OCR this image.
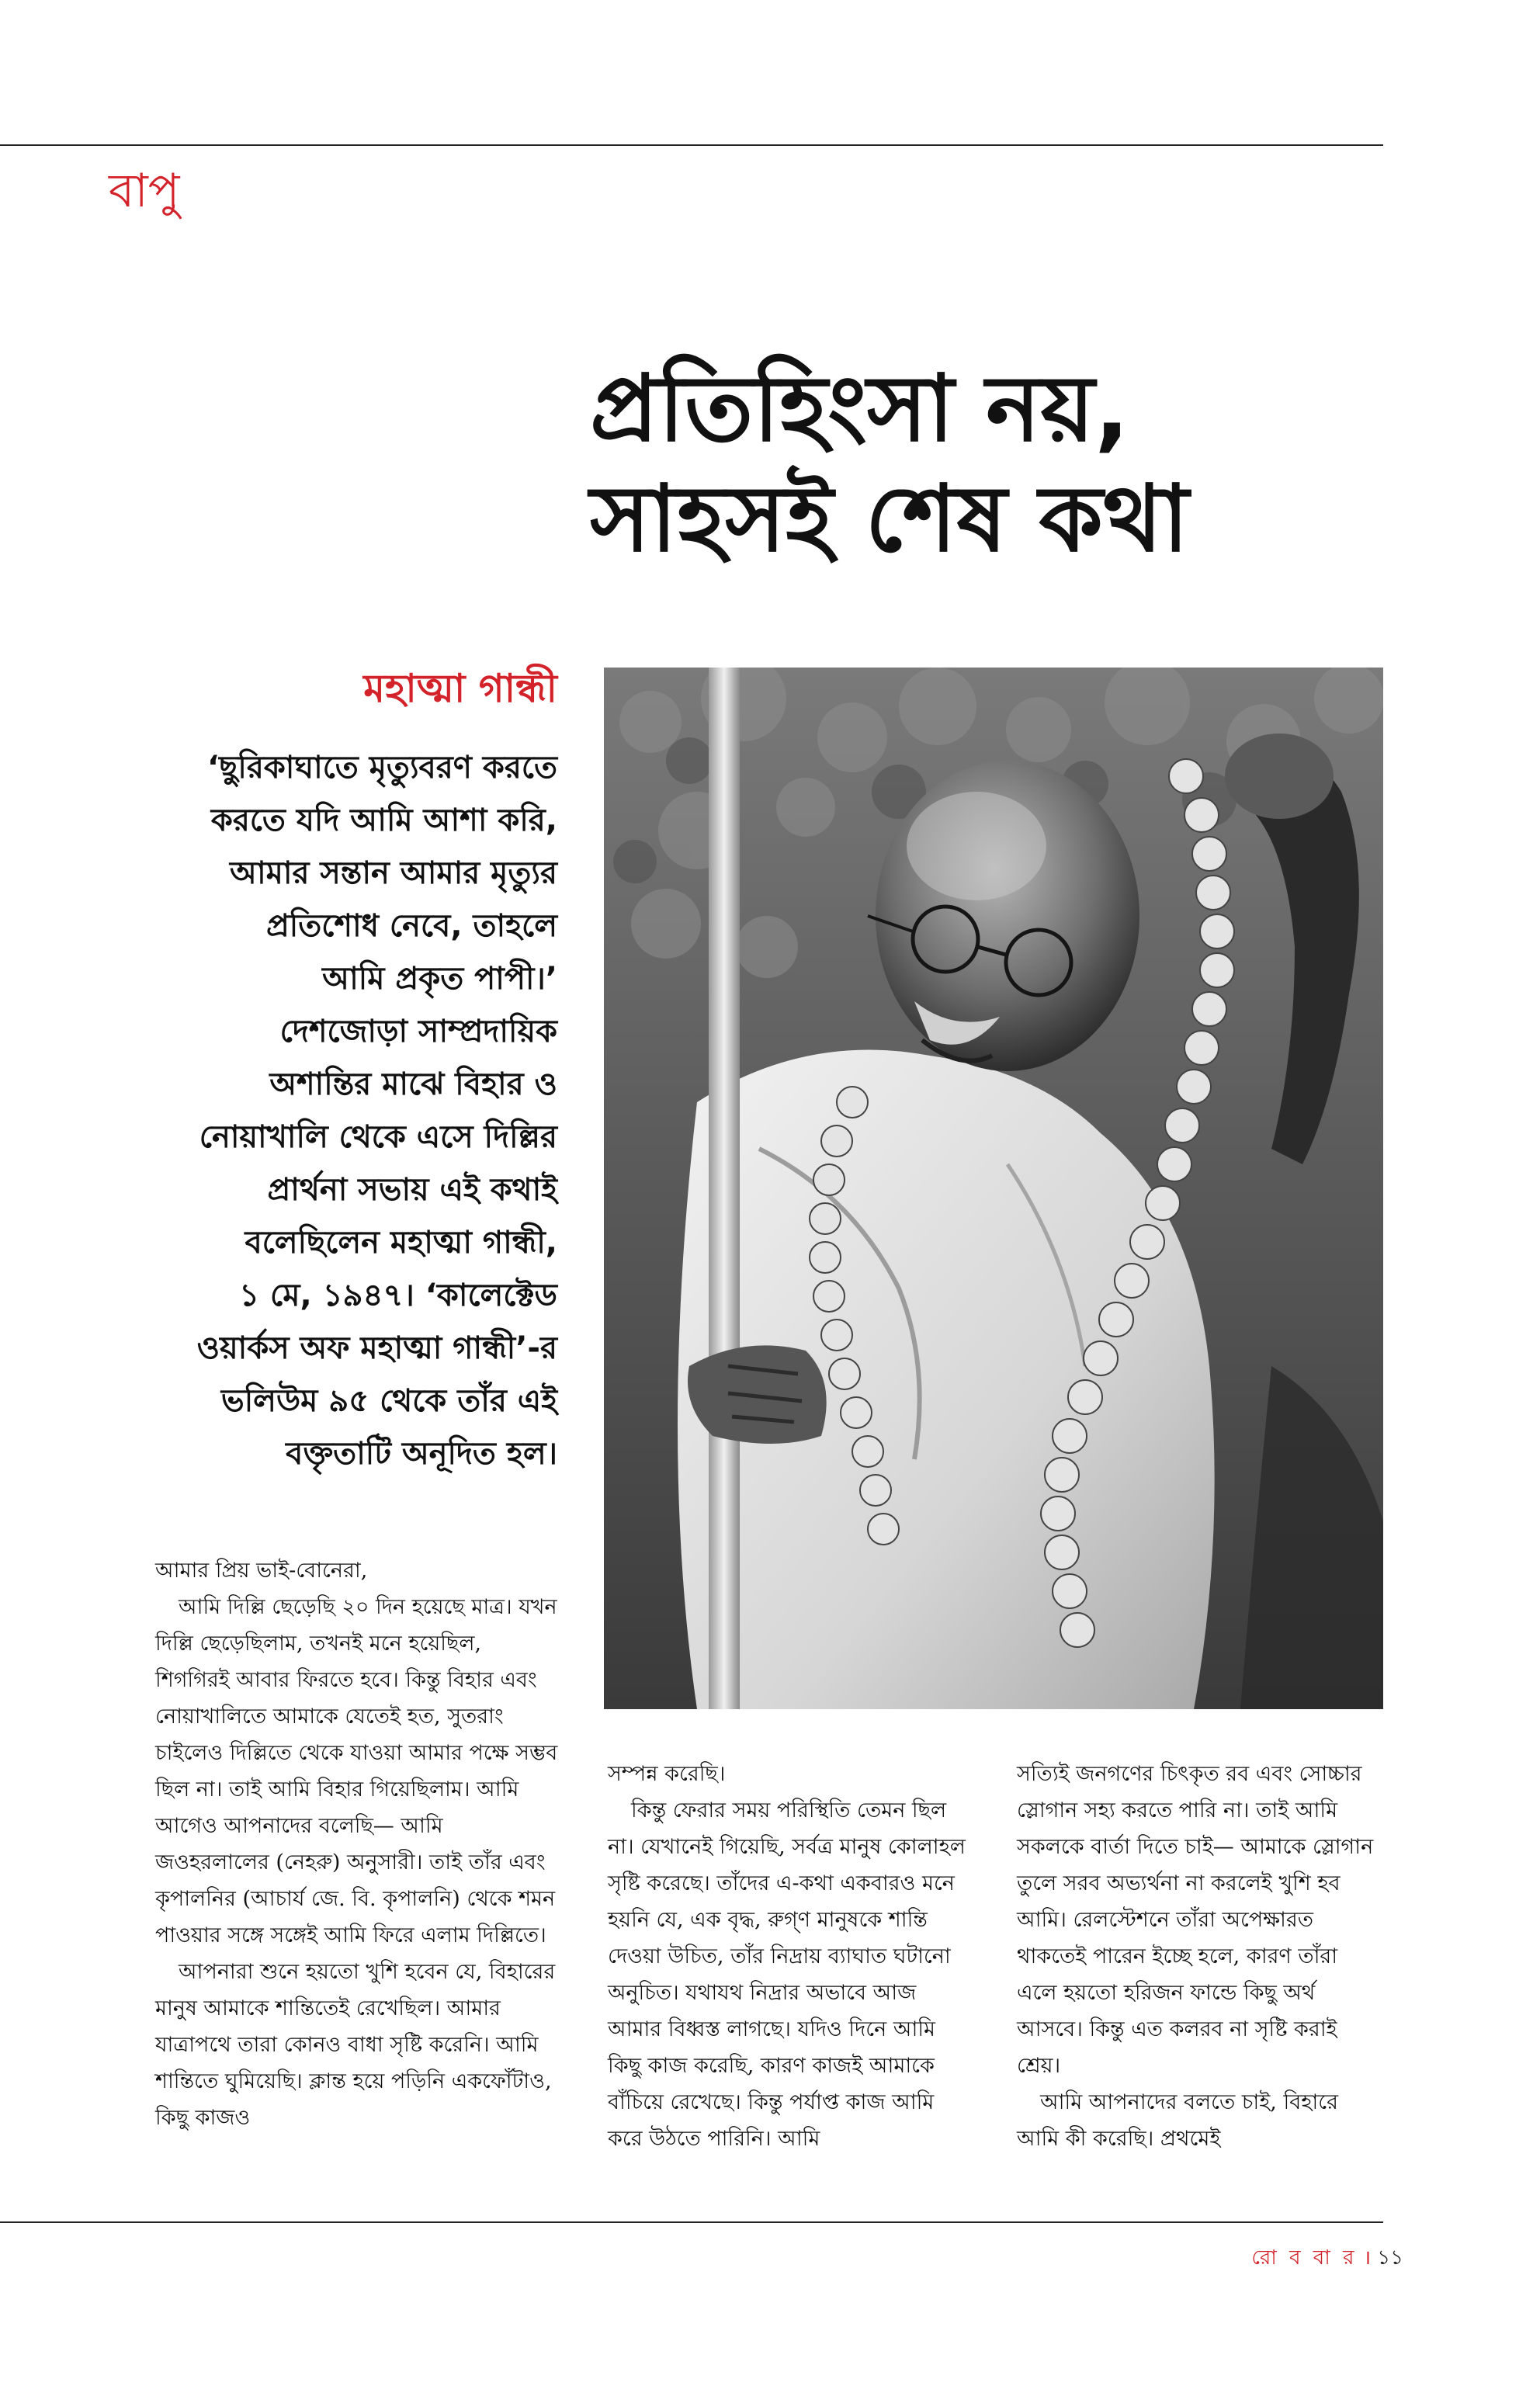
বাপু
প্রতিহিংসা নয়,
সাহসই শেষ কথা
মহাত্মা গান্ধী
‘ছুরিকাঘাতে মৃত্যুবরণ করতে
করতে যদি আমি আশা করি,
আমার সন্তান আমার মৃত্যুর
প্রতিশোধ নেবে, তাহলে
আমি প্রকৃত পাপী।’
দেশজোড়া সাম্প্রদায়িক
অশান্তির মাঝে বিহার ও
নোয়াখালি থেকে এসে দিল্লির
প্রার্থনা সভায় এই কথাই
বলেছিলেন মহাত্মা গান্ধী,
১ মে, ১৯৪৭। ‘কালেক্টেড
ওয়ার্কস অফ মহাত্মা গান্ধী’-র
ভলিউম ৯৫ থেকে তাঁর এই
বক্তৃতাটি অনূদিত হল।

আমার প্রিয় ভাই-বোনেরা,

আমি দিল্লি ছেড়েছি ২০ দিন হয়েছে মাত্র। যখন দিল্লি ছেড়েছিলাম, তখনই মনে হয়েছিল, শিগগিরই আবার ফিরতে হবে। কিন্তু বিহার এবং নোয়াখালিতে আমাকে যেতেই হত, সুতরাং চাইলেও দিল্লিতে থেকে যাওয়া আমার পক্ষে সম্ভব ছিল না। তাই আমি বিহার গিয়েছিলাম। আমি আগেও আপনাদের বলেছি— আমি জওহরলালের (নেহরু) অনুসারী। তাই তাঁর এবং কৃপালনির (আচার্য জে. বি. কৃপালনি) থেকে শমন পাওয়ার সঙ্গে সঙ্গেই আমি ফিরে এলাম দিল্লিতে।

আপনারা শুনে হয়তো খুশি হবেন যে, বিহারের মানুষ আমাকে শান্তিতেই রেখেছিল। আমার যাত্রাপথে তারা কোনও বাধা সৃষ্টি করেনি। আমি শান্তিতে ঘুমিয়েছি। ক্লান্ত হয়ে পড়িনি একফোঁটাও, কিছু কাজও

সম্পন্ন করেছি।

কিন্তু ফেরার সময় পরিস্থিতি তেমন ছিল না। যেখানেই গিয়েছি, সর্বত্র মানুষ কোলাহল সৃষ্টি করেছে। তাঁদের এ-কথা একবারও মনে হয়নি যে, এক বৃদ্ধ, রুগ্‌ণ মানুষকে শান্তি দেওয়া উচিত, তাঁর নিদ্রায় ব্যাঘাত ঘটানো অনুচিত। যথাযথ নিদ্রার অভাবে আজ আমার বিধ্বস্ত লাগছে। যদিও দিনে আমি কিছু কাজ করেছি, কারণ কাজই আমাকে বাঁচিয়ে রেখেছে। কিন্তু পর্যাপ্ত কাজ আমি করে উঠতে পারিনি। আমি

সত্যিই জনগণের চিৎকৃত রব এবং সোচ্চার স্লোগান সহ্য করতে পারি না। তাই আমি সকলকে বার্তা দিতে চাই— আমাকে স্লোগান তুলে সরব অভ্যর্থনা না করলেই খুশি হব আমি। রেলস্টেশনে তাঁরা অপেক্ষারত থাকতেই পারেন ইচ্ছে হলে, কারণ তাঁরা এলে হয়তো হরিজন ফান্ডে কিছু অর্থ আসবে। কিন্তু এত কলরব না সৃষ্টি করাই শ্রেয়।

আমি আপনাদের বলতে চাই, বিহারে আমি কী করেছি। প্রথমেই

রো ব বা র । ১১
